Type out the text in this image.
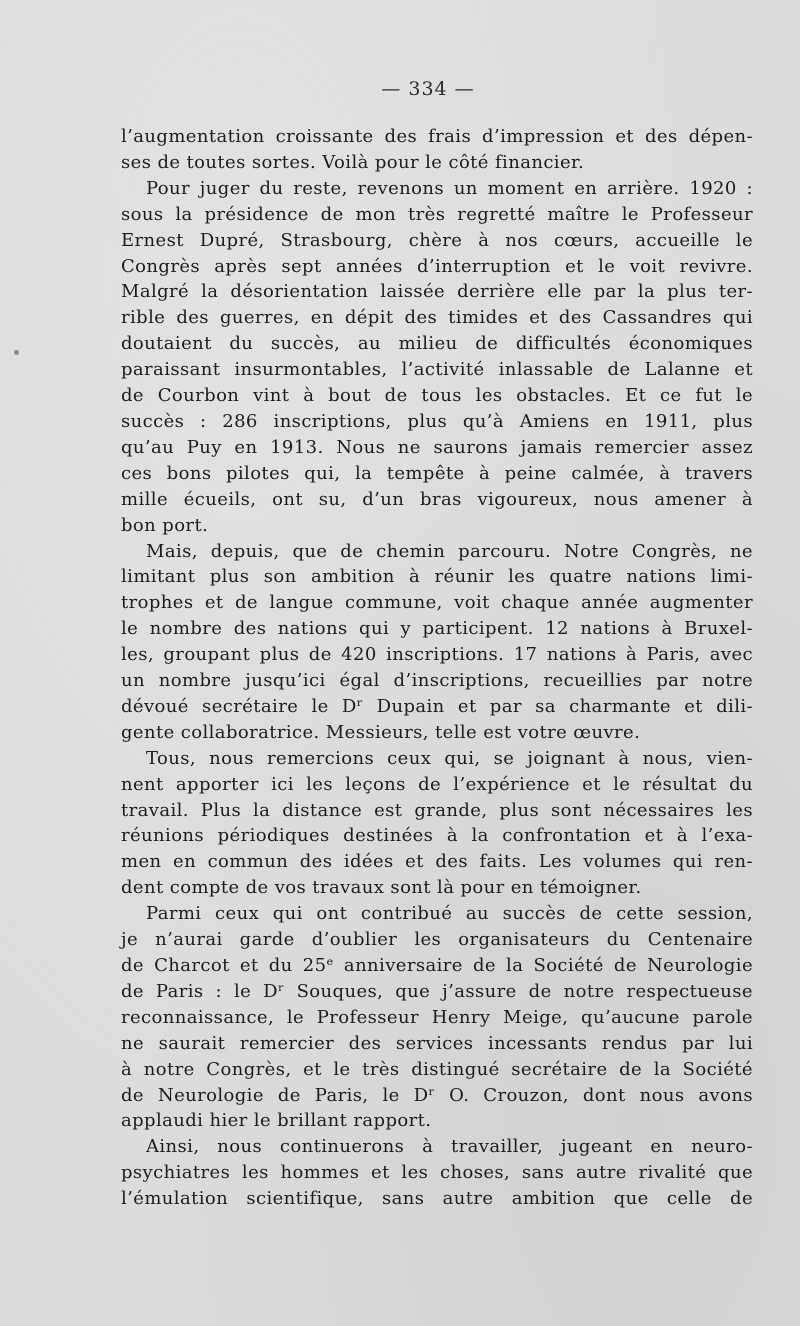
— 334 —

l’augmentation croissante des frais d’impression et des dépen-

ses de toutes sortes. Voilà pour le côté financier.

Pour juger du reste, revenons un moment en arrière. 1920 :

sous la présidence de mon très regretté maître le Professeur

Ernest Dupré, Strasbourg, chère à nos cœurs, accueille le

Congrès après sept années d’interruption et le voit revivre.

Malgré la désorientation laissée derrière elle par la plus ter-

rible des guerres, en dépit des timides et des Cassandres qui

doutaient du succès, au milieu de difficultés économiques

paraissant insurmontables, l’activité inlassable de Lalanne et

de Courbon vint à bout de tous les obstacles. Et ce fut le

succès : 286 inscriptions, plus qu’à Amiens en 1911, plus

qu’au Puy en 1913. Nous ne saurons jamais remercier assez

ces bons pilotes qui, la tempête à peine calmée, à travers

mille écueils, ont su, d’un bras vigoureux, nous amener à

bon port.

Mais, depuis, que de chemin parcouru. Notre Congrès, ne

limitant plus son ambition à réunir les quatre nations limi-

trophes et de langue commune, voit chaque année augmenter

le nombre des nations qui y participent. 12 nations à Bruxel-

les, groupant plus de 420 inscriptions. 17 nations à Paris, avec

un nombre jusqu’ici égal d’inscriptions, recueillies par notre

dévoué secrétaire le Dʳ Dupain et par sa charmante et dili-

gente collaboratrice. Messieurs, telle est votre œuvre.

Tous, nous remercions ceux qui, se joignant à nous, vien-

nent apporter ici les leçons de l’expérience et le résultat du

travail. Plus la distance est grande, plus sont nécessaires les

réunions périodiques destinées à la confrontation et à l’exa-

men en commun des idées et des faits. Les volumes qui ren-

dent compte de vos travaux sont là pour en témoigner.

Parmi ceux qui ont contribué au succès de cette session,

je n’aurai garde d’oublier les organisateurs du Centenaire

de Charcot et du 25ᵉ anniversaire de la Société de Neurologie

de Paris : le Dʳ Souques, que j’assure de notre respectueuse

reconnaissance, le Professeur Henry Meige, qu’aucune parole

ne saurait remercier des services incessants rendus par lui

à notre Congrès, et le très distingué secrétaire de la Société

de Neurologie de Paris, le Dʳ O. Crouzon, dont nous avons

applaudi hier le brillant rapport.

Ainsi, nous continuerons à travailler, jugeant en neuro-

psychiatres les hommes et les choses, sans autre rivalité que

l’émulation scientifique, sans autre ambition que celle de
